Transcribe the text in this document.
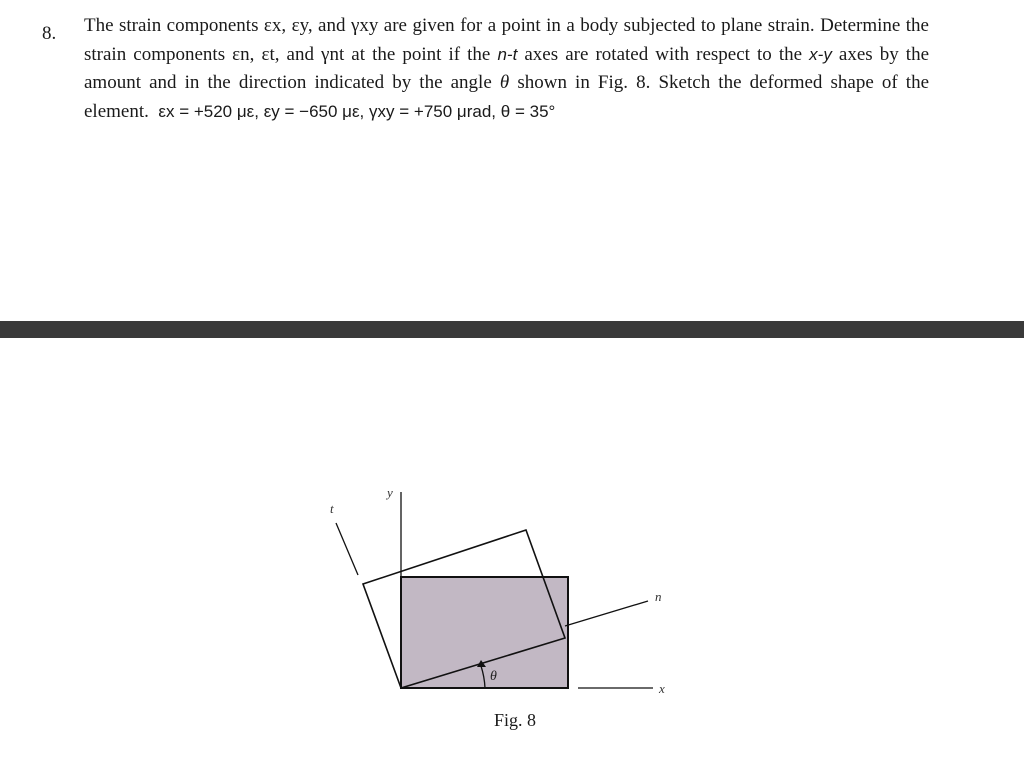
8. The strain components εx, εy, and γxy are given for a point in a body subjected to plane strain. Determine the strain components εn, εt, and γnt at the point if the n-t axes are rotated with respect to the x-y axes by the amount and in the direction indicated by the angle θ shown in Fig. 8. Sketch the deformed shape of the element. εx = +520 με, εy = −650 με, γxy = +750 μrad, θ = 35°
t
y
n
x
θ
Fig. 8
